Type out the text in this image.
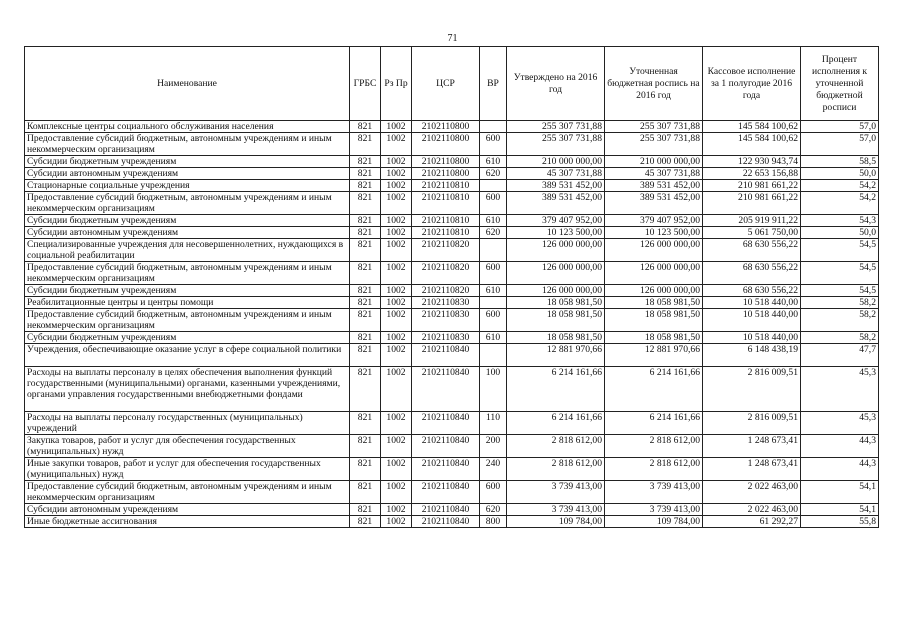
71
Наименование	ГРБС	Рз Пр	ЦСР	ВР	Утверждено на 2016 год	Уточненная бюджетная роспись на 2016 год	Кассовое исполнение за 1 полугодие 2016 года	Процент исполнения к уточненной бюджетной росписи
Комплексные центры социального обслуживания населения	821	1002	2102110800		255 307 731,88	255 307 731,88	145 584 100,62	57,0
Предоставление субсидий бюджетным, автономным учреждениям и иным некоммерческим организациям	821	1002	2102110800	600	255 307 731,88	255 307 731,88	145 584 100,62	57,0
Субсидии бюджетным учреждениям	821	1002	2102110800	610	210 000 000,00	210 000 000,00	122 930 943,74	58,5
Субсидии автономным учреждениям	821	1002	2102110800	620	45 307 731,88	45 307 731,88	22 653 156,88	50,0
Стационарные социальные учреждения	821	1002	2102110810		389 531 452,00	389 531 452,00	210 981 661,22	54,2
Предоставление субсидий бюджетным, автономным учреждениям и иным некоммерческим организациям	821	1002	2102110810	600	389 531 452,00	389 531 452,00	210 981 661,22	54,2
Субсидии бюджетным учреждениям	821	1002	2102110810	610	379 407 952,00	379 407 952,00	205 919 911,22	54,3
Субсидии автономным учреждениям	821	1002	2102110810	620	10 123 500,00	10 123 500,00	5 061 750,00	50,0
Специализированные учреждения для несовершеннолетних, нуждающихся в социальной реабилитации	821	1002	2102110820		126 000 000,00	126 000 000,00	68 630 556,22	54,5
Предоставление субсидий бюджетным, автономным учреждениям и иным некоммерческим организациям	821	1002	2102110820	600	126 000 000,00	126 000 000,00	68 630 556,22	54,5
Субсидии бюджетным учреждениям	821	1002	2102110820	610	126 000 000,00	126 000 000,00	68 630 556,22	54,5
Реабилитационные центры и центры помощи	821	1002	2102110830		18 058 981,50	18 058 981,50	10 518 440,00	58,2
Предоставление субсидий бюджетным, автономным учреждениям и иным некоммерческим организациям	821	1002	2102110830	600	18 058 981,50	18 058 981,50	10 518 440,00	58,2
Субсидии бюджетным учреждениям	821	1002	2102110830	610	18 058 981,50	18 058 981,50	10 518 440,00	58,2
Учреждения, обеспечивающие оказание услуг в сфере социальной политики	821	1002	2102110840		12 881 970,66	12 881 970,66	6 148 438,19	47,7
Расходы на выплаты персоналу в целях обеспечения выполнения функций государственными (муниципальными) органами, казенными учреждениями, органами управления государственными внебюджетными фондами	821	1002	2102110840	100	6 214 161,66	6 214 161,66	2 816 009,51	45,3
Расходы на выплаты персоналу государственных (муниципальных) учреждений	821	1002	2102110840	110	6 214 161,66	6 214 161,66	2 816 009,51	45,3
Закупка товаров, работ и услуг для обеспечения государственных (муниципальных) нужд	821	1002	2102110840	200	2 818 612,00	2 818 612,00	1 248 673,41	44,3
Иные закупки товаров, работ и услуг для обеспечения государственных (муниципальных) нужд	821	1002	2102110840	240	2 818 612,00	2 818 612,00	1 248 673,41	44,3
Предоставление субсидий бюджетным, автономным учреждениям и иным некоммерческим организациям	821	1002	2102110840	600	3 739 413,00	3 739 413,00	2 022 463,00	54,1
Субсидии автономным учреждениям	821	1002	2102110840	620	3 739 413,00	3 739 413,00	2 022 463,00	54,1
Иные бюджетные ассигнования	821	1002	2102110840	800	109 784,00	109 784,00	61 292,27	55,8
